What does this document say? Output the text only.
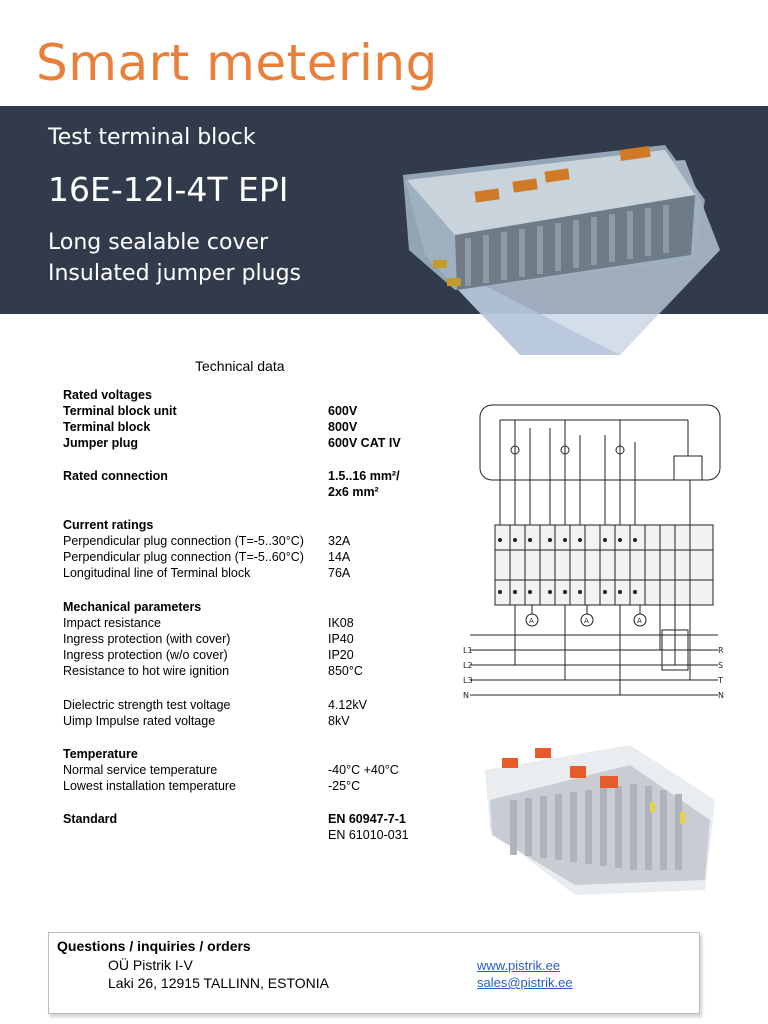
Smart metering
Test terminal block
16E-12I-4T EPI
Long sealable cover
Insulated jumper plugs
Technical data
Rated voltages
Terminal block unit	600V
Terminal block	800V
Jumper plug	600V CAT IV
Rated connection	1.5..16 mm²/
2x6 mm²
Current ratings
Perpendicular plug connection (T=-5..30°C) 32A
Perpendicular plug connection (T=-5..60°C) 14A
Longitudinal line of Terminal block	76A
Mechanical parameters
Impact resistance	IK08
Ingress protection (with cover)	IP40
Ingress protection (w/o cover)	IP20
Resistance to hot wire ignition	850°C
Dielectric strength test voltage	4.12kV
Uimp Impulse rated voltage	8kV
Temperature
Normal service temperature	-40°C +40°C
Lowest installation temperature	-25°C
Standard	EN 60947-7-1
EN 61010-031
L1
L2
L3
N
R
S
T
N
A	A	A
Questions / inquiries / orders
OÜ Pistrik I-V
Laki 26, 12915 TALLINN, ESTONIA
www.pistrik.ee
sales@pistrik.ee
